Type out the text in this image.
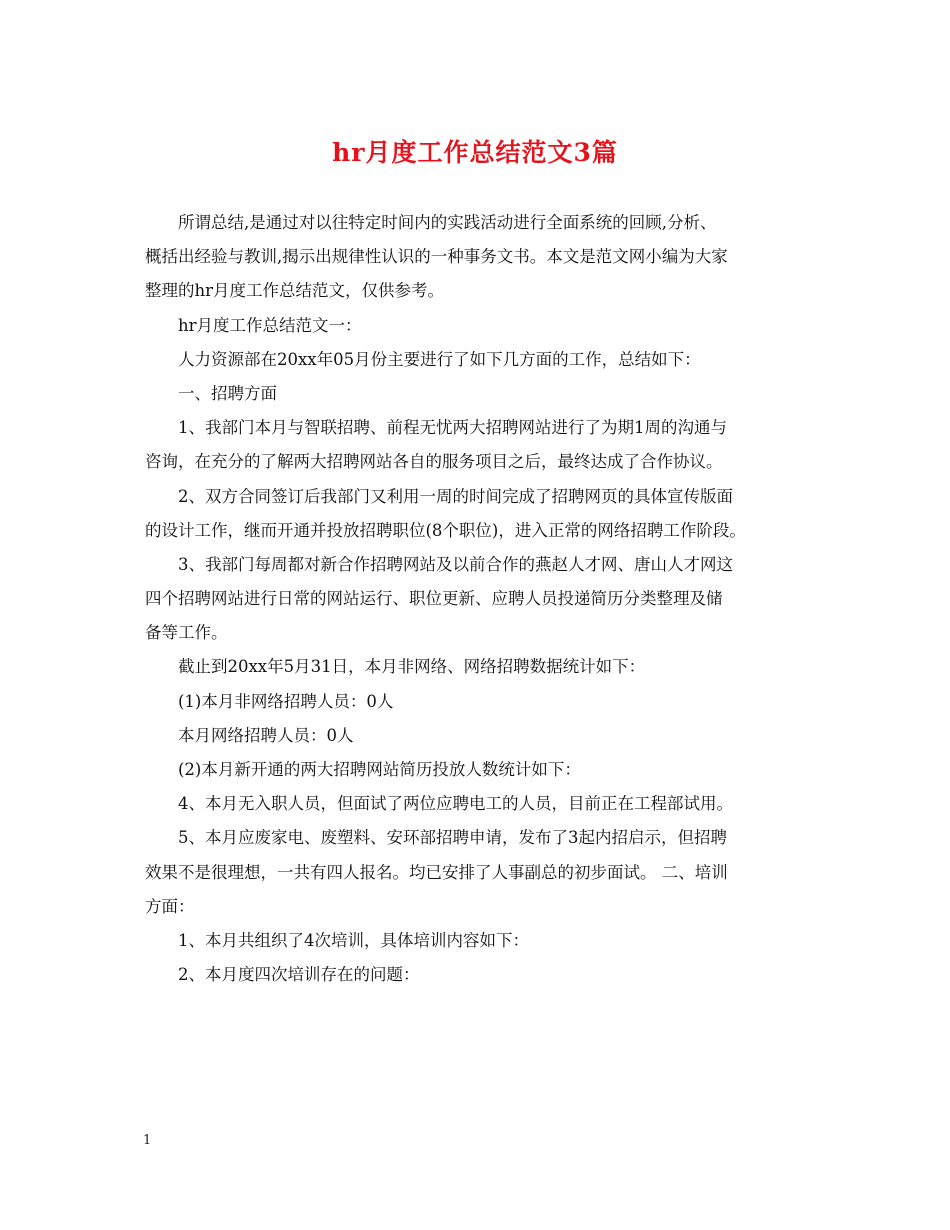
hr月度工作总结范文3篇
所谓总结,是通过对以往特定时间内的实践活动进行全面系统的回顾,分析、
概括出经验与教训,揭示出规律性认识的一种事务文书。本文是范文网小编为大家
整理的hr月度工作总结范文，仅供参考。
hr月度工作总结范文一：
人力资源部在20xx年05月份主要进行了如下几方面的工作，总结如下：
一、招聘方面
1、我部门本月与智联招聘、前程无忧两大招聘网站进行了为期1周的沟通与
咨询，在充分的了解两大招聘网站各自的服务项目之后，最终达成了合作协议。
2、双方合同签订后我部门又利用一周的时间完成了招聘网页的具体宣传版面
的设计工作，继而开通并投放招聘职位(8个职位)，进入正常的网络招聘工作阶段。
3、我部门每周都对新合作招聘网站及以前合作的燕赵人才网、唐山人才网这
四个招聘网站进行日常的网站运行、职位更新、应聘人员投递简历分类整理及储
备等工作。
截止到20xx年5月31日，本月非网络、网络招聘数据统计如下：
(1)本月非网络招聘人员：0人
本月网络招聘人员：0人
(2)本月新开通的两大招聘网站简历投放人数统计如下：
4、本月无入职人员，但面试了两位应聘电工的人员，目前正在工程部试用。
5、本月应废家电、废塑料、安环部招聘申请，发布了3起内招启示，但招聘
效果不是很理想，一共有四人报名。均已安排了人事副总的初步面试。 二、培训
方面：
1、本月共组织了4次培训，具体培训内容如下：
2、本月度四次培训存在的问题：
1
